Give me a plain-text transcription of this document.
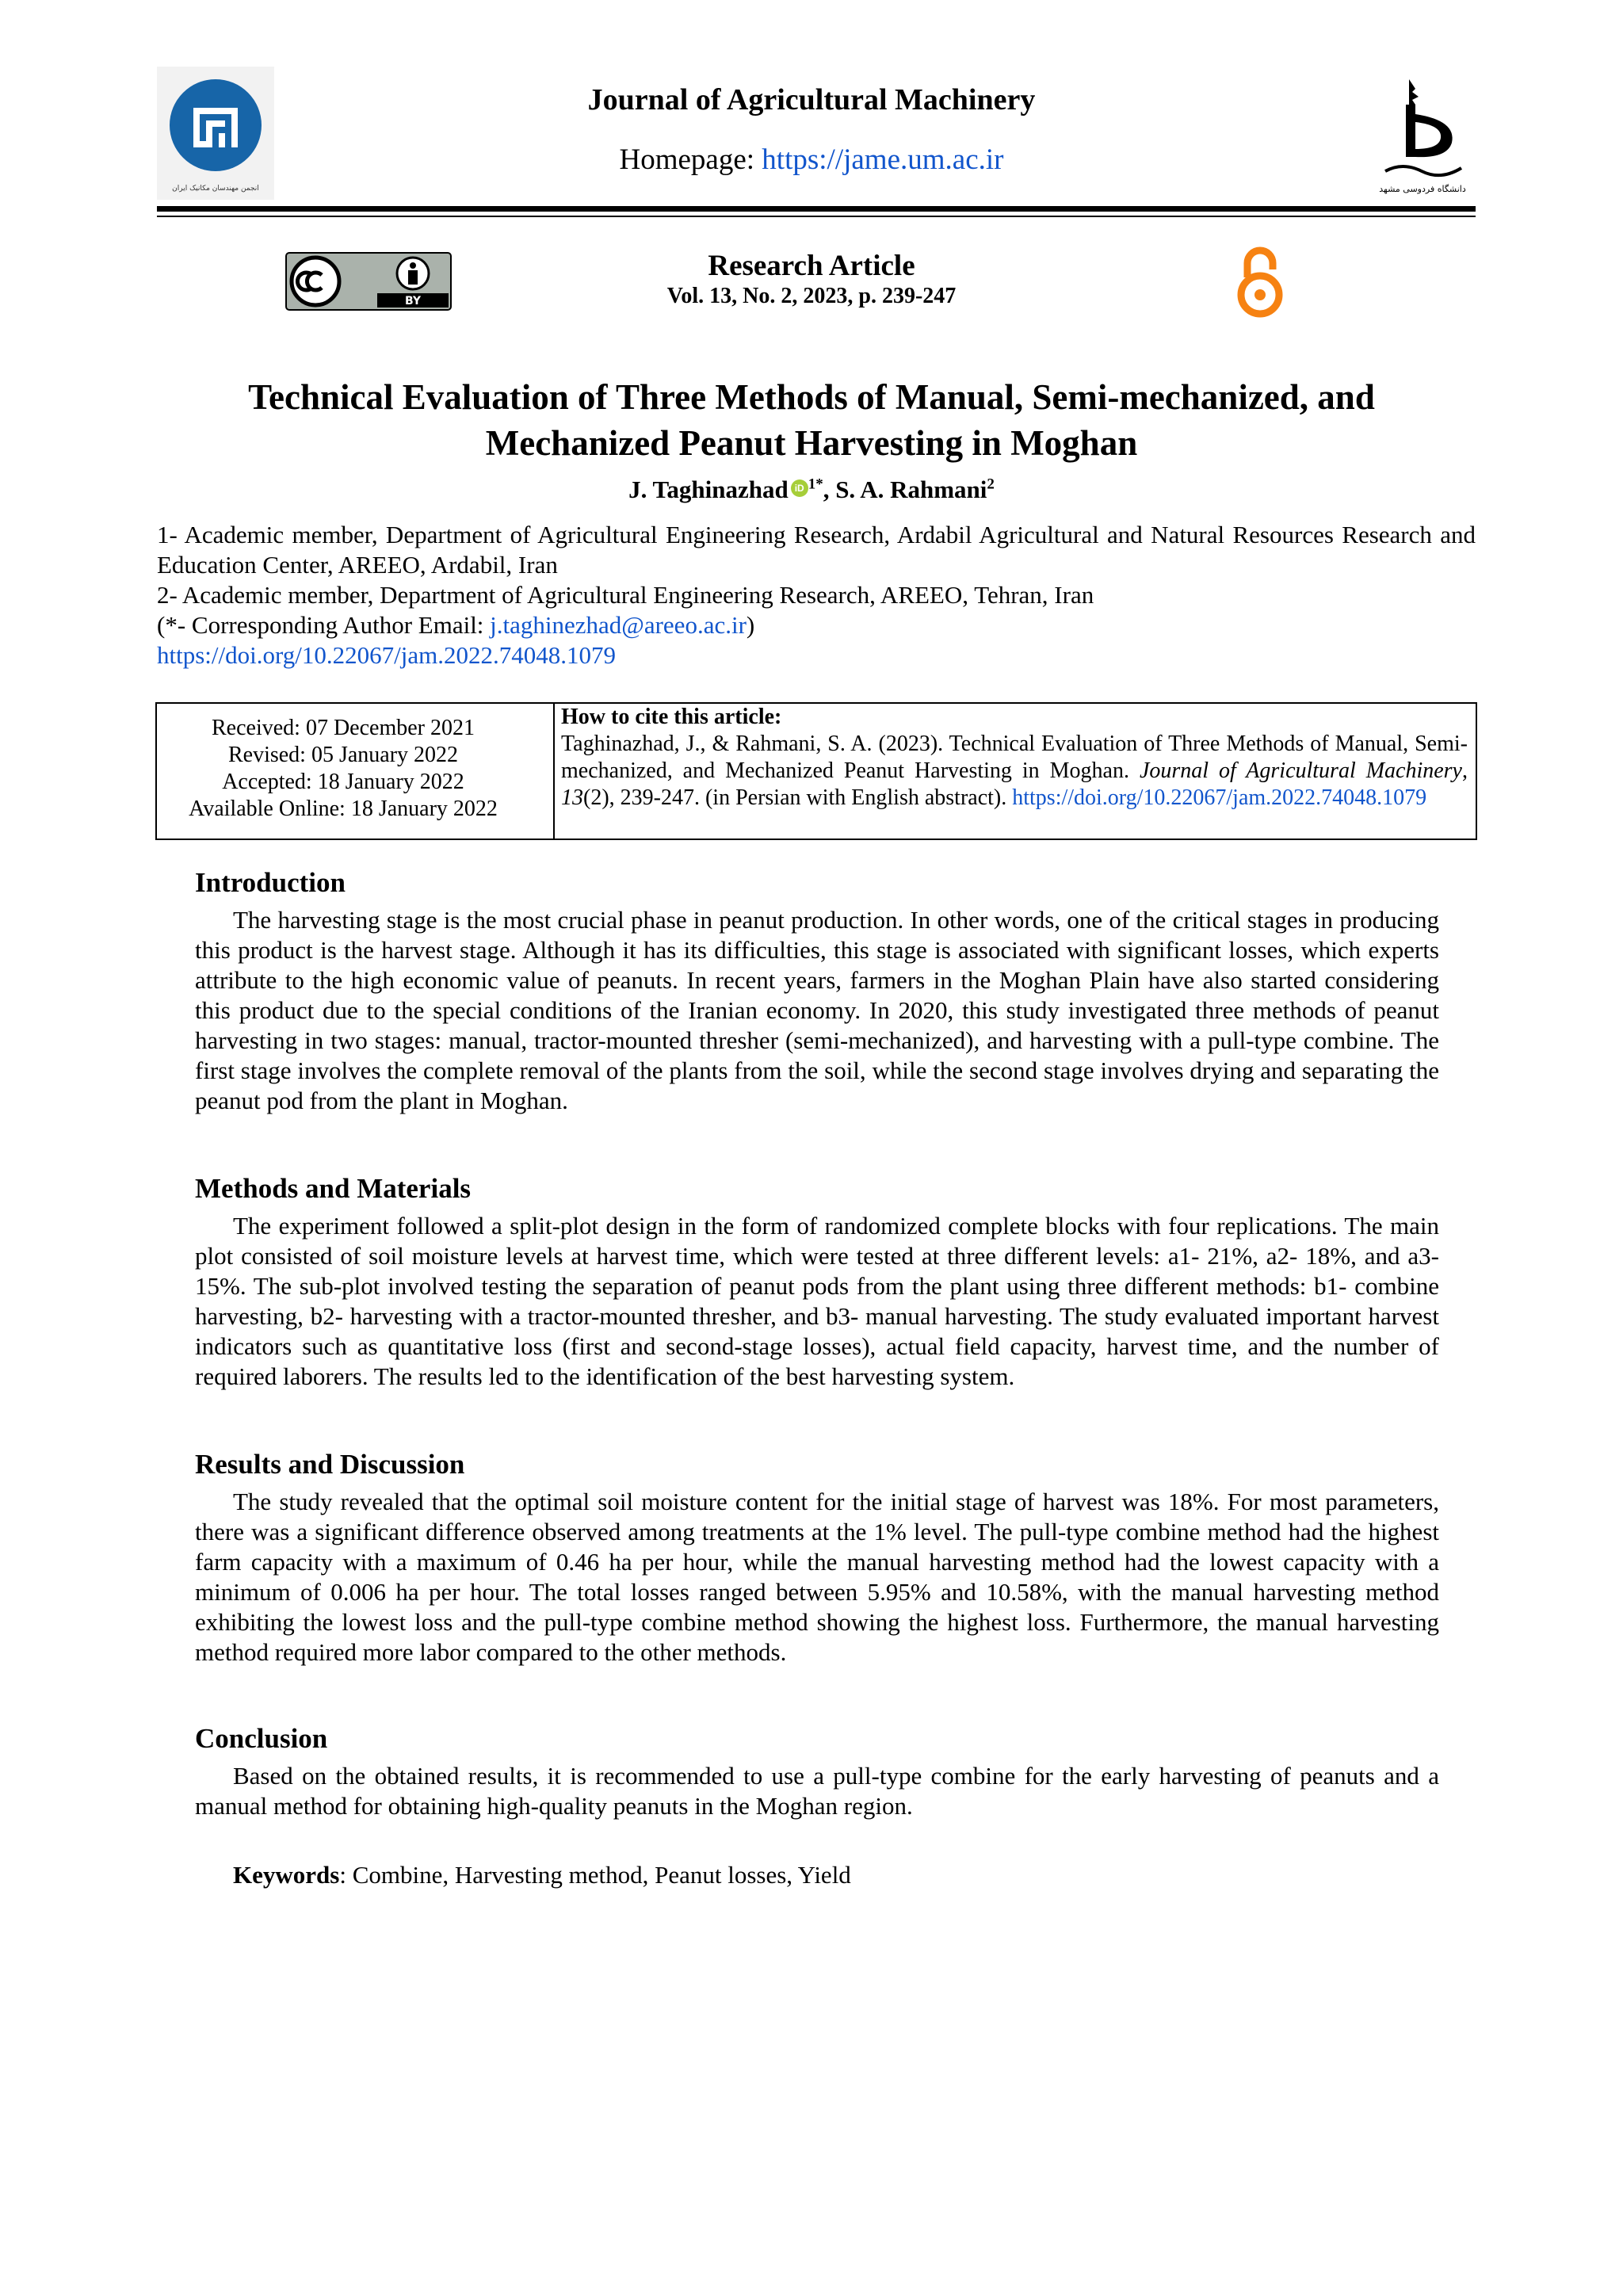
انجمن مهندسان مکانیک ایران
Journal of Agricultural Machinery
Homepage: https://jame.um.ac.ir
دانشگاه فردوسی مشهد
BY
Research Article
Vol. 13, No. 2, 2023, p. 239-247
Technical Evaluation of Three Methods of Manual, Semi-mechanized, and
Mechanized Peanut Harvesting in Moghan
J. Taghinazhad iD $^{1*}$, S. A. Rahmani$^2$

1- Academic member, Department of Agricultural Engineering Research, Ardabil Agricultural and Natural Resources Research and Education Center, AREEO, Ardabil, Iran

2- Academic member, Department of Agricultural Engineering Research, AREEO, Tehran, Iran

(*- Corresponding Author Email: j.taghinezhad@areeo.ac.ir)

https://doi.org/10.22067/jam.2022.74048.1079

Received: 07 December 2021
Revised: 05 January 2022
Accepted: 18 January 2022
Available Online: 18 January 2022
How to cite this article:
Taghinazhad, J., & Rahmani, S. A. (2023). Technical Evaluation of Three Methods of Manual, Semi-mechanized, and Mechanized Peanut Harvesting in Moghan. Journal of Agricultural Machinery, 13(2), 239-247. (in Persian with English abstract). https://doi.org/10.22067/jam.2022.74048.1079
Introduction

The harvesting stage is the most crucial phase in peanut production. In other words, one of the critical stages in producing this product is the harvest stage. Although it has its difficulties, this stage is associated with significant losses, which experts attribute to the high economic value of peanuts. In recent years, farmers in the Moghan Plain have also started considering this product due to the special conditions of the Iranian economy. In 2020, this study investigated three methods of peanut harvesting in two stages: manual, tractor-mounted thresher (semi-mechanized), and harvesting with a pull-type combine. The first stage involves the complete removal of the plants from the soil, while the second stage involves drying and separating the peanut pod from the plant in Moghan.

Methods and Materials

The experiment followed a split-plot design in the form of randomized complete blocks with four replications. The main plot consisted of soil moisture levels at harvest time, which were tested at three different levels: a1- 21%, a2- 18%, and a3- 15%. The sub-plot involved testing the separation of peanut pods from the plant using three different methods: b1- combine harvesting, b2- harvesting with a tractor-mounted thresher, and b3- manual harvesting. The study evaluated important harvest indicators such as quantitative loss (first and second-stage losses), actual field capacity, harvest time, and the number of required laborers. The results led to the identification of the best harvesting system.

Results and Discussion

The study revealed that the optimal soil moisture content for the initial stage of harvest was 18%. For most parameters, there was a significant difference observed among treatments at the 1% level. The pull-type combine method had the highest farm capacity with a maximum of 0.46 ha per hour, while the manual harvesting method had the lowest capacity with a minimum of 0.006 ha per hour. The total losses ranged between 5.95% and 10.58%, with the manual harvesting method exhibiting the lowest loss and the pull-type combine method showing the highest loss. Furthermore, the manual harvesting method required more labor compared to the other methods.

Conclusion

Based on the obtained results, it is recommended to use a pull-type combine for the early harvesting of peanuts and a manual method for obtaining high-quality peanuts in the Moghan region.

Keywords: Combine, Harvesting method, Peanut losses, Yield
